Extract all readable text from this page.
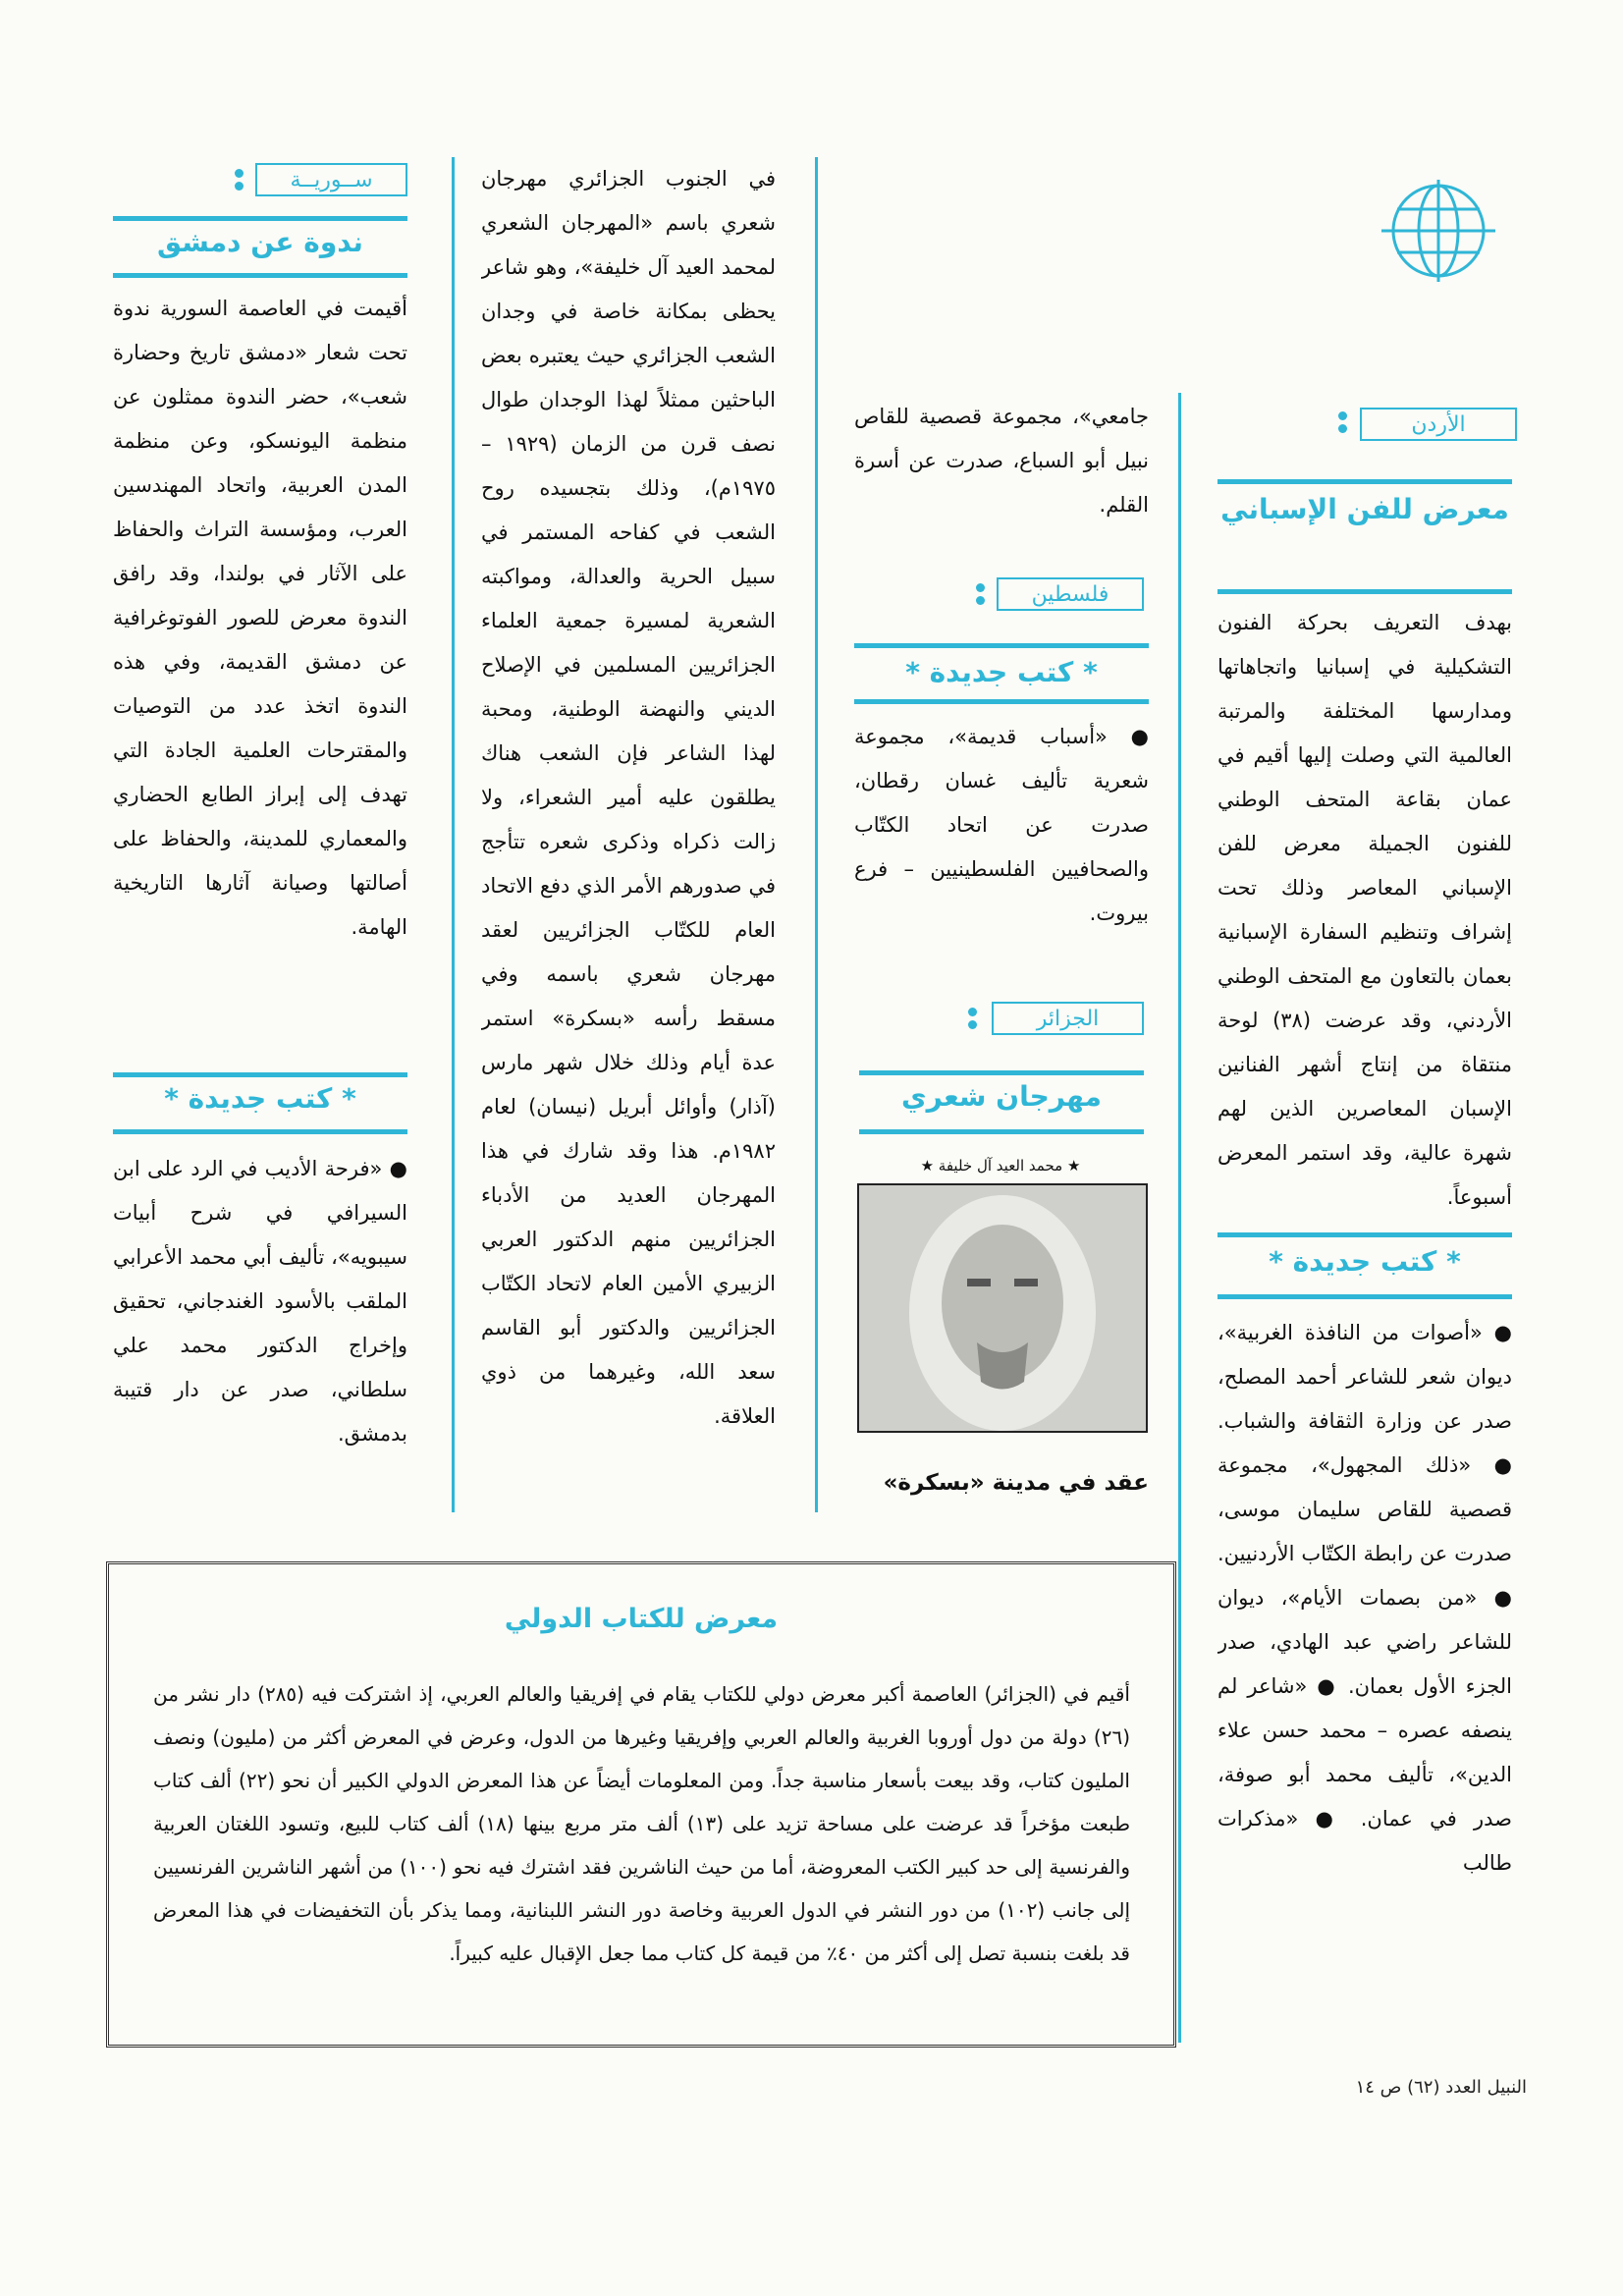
الأردن
معرض للفن الإسباني
بهدف التعريف بحركة الفنون التشكيلية في إسبانيا واتجاهاتها ومدارسها المختلفة والمرتبة العالمية التي وصلت إليها أقيم في عمان بقاعة المتحف الوطني للفنون الجميلة معرض للفن الإسباني المعاصر وذلك تحت إشراف وتنظيم السفارة الإسبانية بعمان بالتعاون مع المتحف الوطني الأردني، وقد عرضت (٣٨) لوحة منتقاة من إنتاج أشهر الفنانين الإسبان المعاصرين الذين لهم شهرة عالية، وقد استمر المعرض أسبوعاً.
* كتب جديدة *
● «أصوات من النافذة الغربية»، ديوان شعر للشاعر أحمد المصلح، صدر عن وزارة الثقافة والشباب. ● «ذلك المجهول»، مجموعة قصصية للقاص سليمان موسى، صدرت عن رابطة الكتّاب الأردنيين. ● «من بصمات الأيام»، ديوان للشاعر راضي عبد الهادي، صدر الجزء الأول بعمان. ● «شاعر لم ينصفه عصره – محمد حسن علاء الدين»، تأليف محمد أبو صوفة، صدر في عمان. ● «مذكرات طالب
جامعي»، مجموعة قصصية للقاص نبيل أبو السباع، صدرت عن أسرة القلم.
فلسطين
* كتب جديدة *
● «أسباب قديمة»، مجموعة شعرية تأليف غسان رقطان، صدرت عن اتحاد الكتّاب والصحافيين الفلسطينيين – فرع بيروت.
الجزائر
مهرجان شعري
★ محمد العيد آل خليفة ★
عقد في مدينة «بسكرة»
في الجنوب الجزائري مهرجان شعري باسم «المهرجان الشعري لمحمد العيد آل خليفة»، وهو شاعر يحظى بمكانة خاصة في وجدان الشعب الجزائري حيث يعتبره بعض الباحثين ممثلاً لهذا الوجدان طوال نصف قرن من الزمان (١٩٢٩ – ١٩٧٥م)، وذلك بتجسيده روح الشعب في كفاحه المستمر في سبيل الحرية والعدالة، ومواكبته الشعرية لمسيرة جمعية العلماء الجزائريين المسلمين في الإصلاح الديني والنهضة الوطنية، ومحبة لهذا الشاعر فإن الشعب هناك يطلقون عليه أمير الشعراء، ولا زالت ذكراه وذكرى شعره تتأجج في صدورهم الأمر الذي دفع الاتحاد العام للكتّاب الجزائريين لعقد مهرجان شعري باسمه وفي مسقط رأسه «بسكرة» استمر عدة أيام وذلك خلال شهر مارس (آذار) وأوائل أبريل (نيسان) لعام ١٩٨٢م. هذا وقد شارك في هذا المهرجان العديد من الأدباء الجزائريين منهم الدكتور العربي الزبيري الأمين العام لاتحاد الكتّاب الجزائريين والدكتور أبو القاسم سعد الله، وغيرهما من ذوي العلاقة.
ســوريــة
ندوة عن دمشق
أقيمت في العاصمة السورية ندوة تحت شعار «دمشق تاريخ وحضارة شعب»، حضر الندوة ممثلون عن منظمة اليونسكو، وعن منظمة المدن العربية، واتحاد المهندسين العرب، ومؤسسة التراث والحفاظ على الآثار في بولندا، وقد رافق الندوة معرض للصور الفوتوغرافية عن دمشق القديمة، وفي هذه الندوة اتخذ عدد من التوصيات والمقترحات العلمية الجادة التي تهدف إلى إبراز الطابع الحضاري والمعماري للمدينة، والحفاظ على أصالتها وصيانة آثارها التاريخية الهامة.
* كتب جديدة *
● «فرحة الأديب في الرد على ابن السيرافي في شرح أبيات سيبويه»، تأليف أبي محمد الأعرابي الملقب بالأسود الغندجاني، تحقيق وإخراج الدكتور محمد علي سلطاني، صدر عن دار قتيبة بدمشق.
معرض للكتاب الدولي
أقيم في (الجزائر) العاصمة أكبر معرض دولي للكتاب يقام في إفريقيا والعالم العربي، إذ اشتركت فيه (٢٨٥) دار نشر من (٢٦) دولة من دول أوروبا الغربية والعالم العربي وإفريقيا وغيرها من الدول، وعرض في المعرض أكثر من (مليون) ونصف المليون كتاب، وقد بيعت بأسعار مناسبة جداً. ومن المعلومات أيضاً عن هذا المعرض الدولي الكبير أن نحو (٢٢) ألف كتاب طبعت مؤخراً قد عرضت على مساحة تزيد على (١٣) ألف متر مربع بينها (١٨) ألف كتاب للبيع، وتسود اللغتان العربية والفرنسية إلى حد كبير الكتب المعروضة، أما من حيث الناشرين فقد اشترك فيه نحو (١٠٠) من أشهر الناشرين الفرنسيين إلى جانب (١٠٢) من دور النشر في الدول العربية وخاصة دور النشر اللبنانية، ومما يذكر بأن التخفيضات في هذا المعرض قد بلغت بنسبة تصل إلى أكثر من ٤٠٪ من قيمة كل كتاب مما جعل الإقبال عليه كبيراً.
النبيل العدد (٦٢) ص ١٤
